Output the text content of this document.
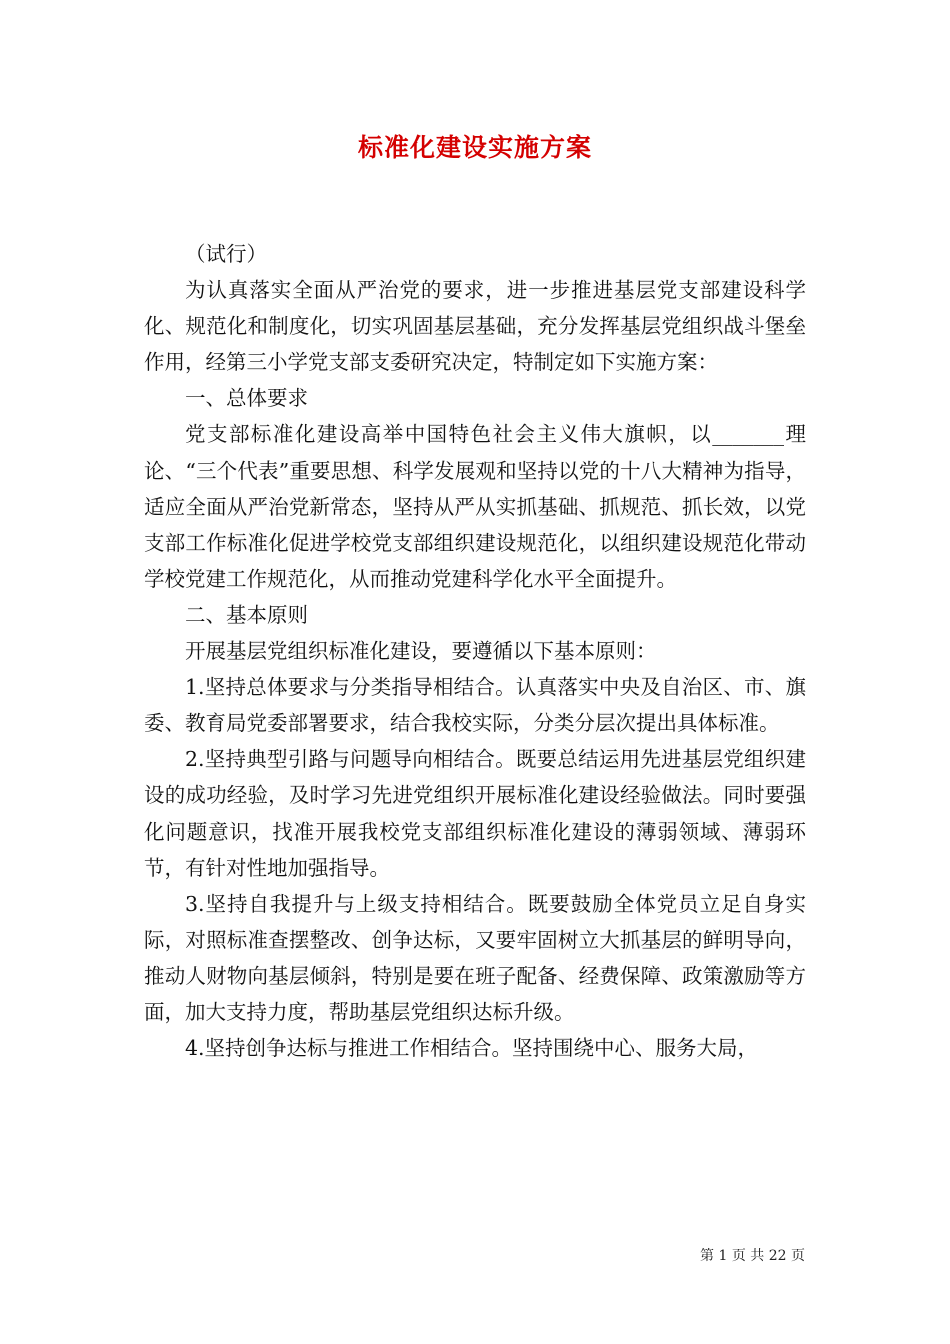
标准化建设实施方案

（试行）

为认真落实全面从严治党的要求，进一步推进基层党支部建设科学化、规范化和制度化，切实巩固基层基础，充分发挥基层党组织战斗堡垒作用，经第三小学党支部支委研究决定，特制定如下实施方案：

一、总体要求

党支部标准化建设高举中国特色社会主义伟大旗帜，以_______理论、“三个代表”重要思想、科学发展观和坚持以党的十八大精神为指导，适应全面从严治党新常态，坚持从严从实抓基础、抓规范、抓长效，以党支部工作标准化促进学校党支部组织建设规范化，以组织建设规范化带动学校党建工作规范化，从而推动党建科学化水平全面提升。

二、基本原则

开展基层党组织标准化建设，要遵循以下基本原则：

1.坚持总体要求与分类指导相结合。认真落实中央及自治区、市、旗委、教育局党委部署要求，结合我校实际，分类分层次提出具体标准。

2.坚持典型引路与问题导向相结合。既要总结运用先进基层党组织建设的成功经验，及时学习先进党组织开展标准化建设经验做法。同时要强化问题意识，找准开展我校党支部组织标准化建设的薄弱领域、薄弱环节，有针对性地加强指导。

3.坚持自我提升与上级支持相结合。既要鼓励全体党员立足自身实际，对照标准查摆整改、创争达标，又要牢固树立大抓基层的鲜明导向，推动人财物向基层倾斜，特别是要在班子配备、经费保障、政策激励等方面，加大支持力度，帮助基层党组织达标升级。

4.坚持创争达标与推进工作相结合。坚持围绕中心、服务大局，

第 1 页 共 22 页
